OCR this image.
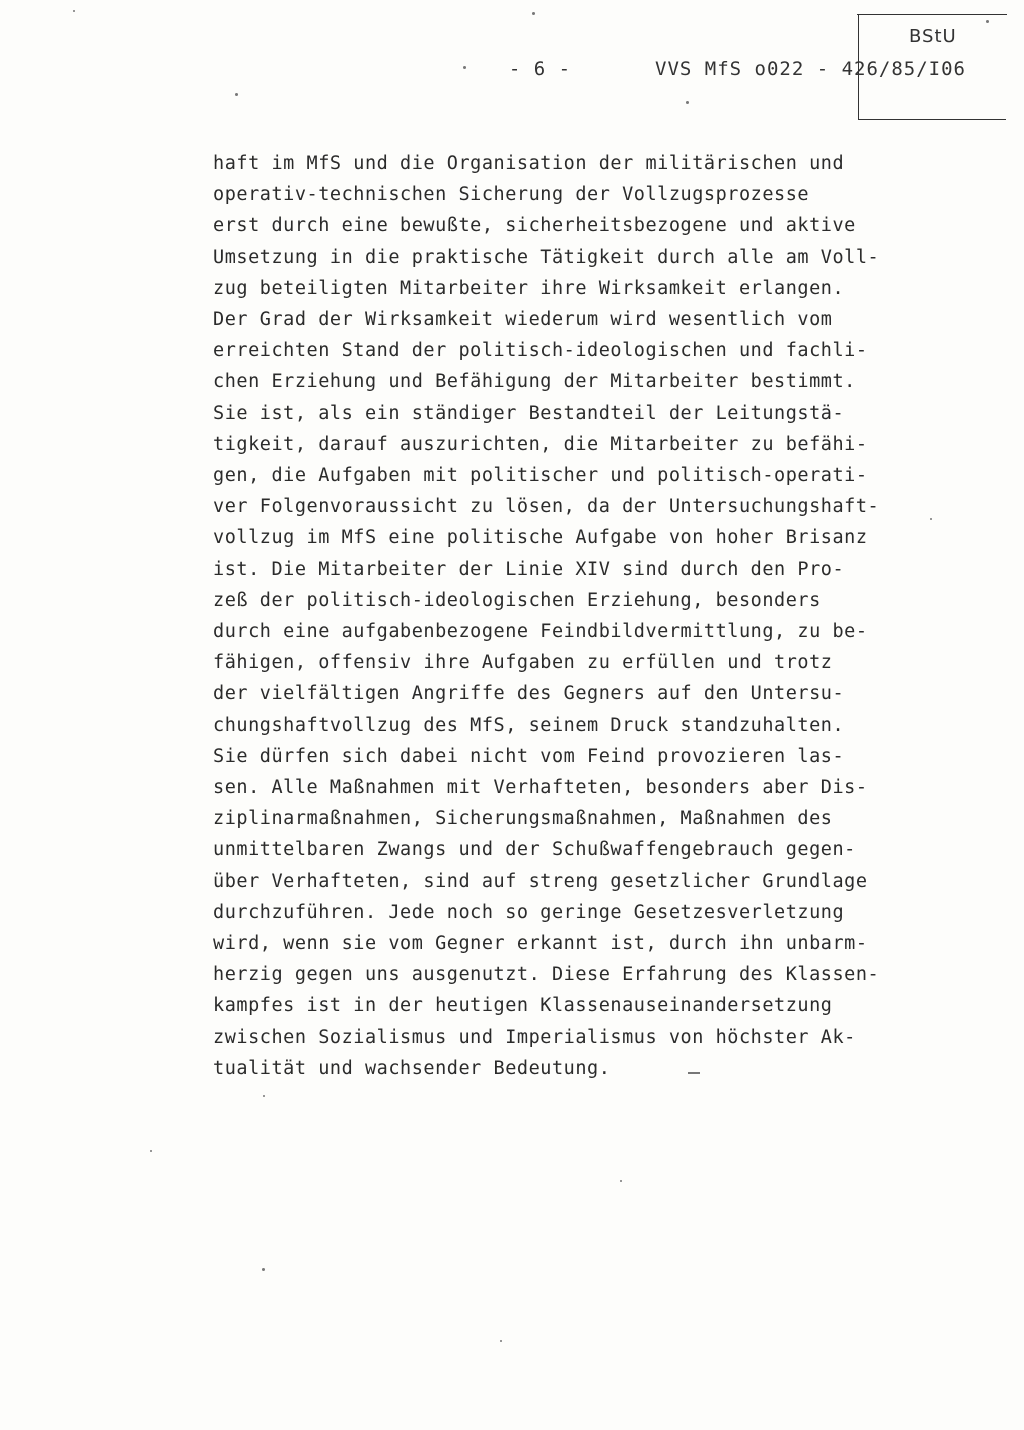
- 6 -	VVS MfS o022 - 426/85/I06
BStU
haft im MfS und die Organisation der militärischen und
operativ-technischen Sicherung der Vollzugsprozesse
erst durch eine bewußte, sicherheitsbezogene und aktive
Umsetzung in die praktische Tätigkeit durch alle am Voll-
zug beteiligten Mitarbeiter ihre Wirksamkeit erlangen.
Der Grad der Wirksamkeit wiederum wird wesentlich vom
erreichten Stand der politisch-ideologischen und fachli-
chen Erziehung und Befähigung der Mitarbeiter bestimmt.
Sie ist, als ein ständiger Bestandteil der Leitungstä-
tigkeit, darauf auszurichten, die Mitarbeiter zu befähi-
gen, die Aufgaben mit politischer und politisch-operati-
ver Folgenvoraussicht zu lösen, da der Untersuchungshaft-
vollzug im MfS eine politische Aufgabe von hoher Brisanz
ist. Die Mitarbeiter der Linie XIV sind durch den Pro-
zeß der politisch-ideologischen Erziehung, besonders
durch eine aufgabenbezogene Feindbildvermittlung, zu be-
fähigen, offensiv ihre Aufgaben zu erfüllen und trotz
der vielfältigen Angriffe des Gegners auf den Untersu-
chungshaftvollzug des MfS, seinem Druck standzuhalten.
Sie dürfen sich dabei nicht vom Feind provozieren las-
sen. Alle Maßnahmen mit Verhafteten, besonders aber Dis-
ziplinarmaßnahmen, Sicherungsmaßnahmen, Maßnahmen des
unmittelbaren Zwangs und der Schußwaffengebrauch gegen-
über Verhafteten, sind auf streng gesetzlicher Grundlage
durchzuführen. Jede noch so geringe Gesetzesverletzung
wird, wenn sie vom Gegner erkannt ist, durch ihn unbarm-
herzig gegen uns ausgenutzt. Diese Erfahrung des Klassen-
kampfes ist in der heutigen Klassenauseinandersetzung
zwischen Sozialismus und Imperialismus von höchster Ak-
tualität und wachsender Bedeutung.
